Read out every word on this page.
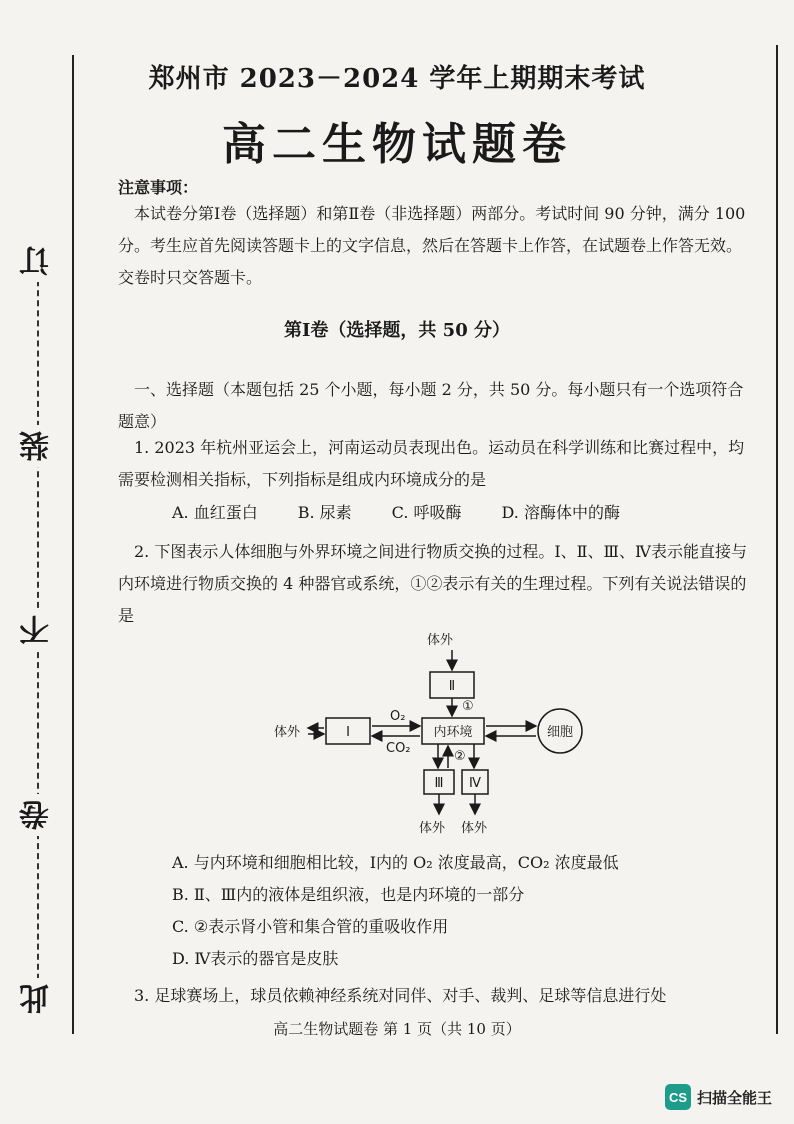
订
装
不
卷
此
郑州市 2023－2024 学年上期期末考试
高二生物试题卷
注意事项：
本试卷分第Ⅰ卷（选择题）和第Ⅱ卷（非选择题）两部分。考试时间 90 分钟，满分 100 分。考生应首先阅读答题卡上的文字信息，然后在答题卡上作答，在试题卷上作答无效。交卷时只交答题卡。
第Ⅰ卷（选择题，共 50 分）
一、选择题（本题包括 25 个小题，每小题 2 分，共 50 分。每小题只有一个选项符合题意）
1. 2023 年杭州亚运会上，河南运动员表现出色。运动员在科学训练和比赛过程中，均需要检测相关指标，下列指标是组成内环境成分的是
A. 血红蛋白	B. 尿素	C. 呼吸酶	D. 溶酶体中的酶
2. 下图表示人体细胞与外界环境之间进行物质交换的过程。Ⅰ、Ⅱ、Ⅲ、Ⅳ表示能直接与内环境进行物质交换的 4 种器官或系统，①②表示有关的生理过程。下列有关说法错误的是
体外
Ⅱ
①
体外	Ⅰ
O₂
CO₂
内环境	细胞
②
Ⅲ Ⅳ
体外 体外
A. 与内环境和细胞相比较，Ⅰ内的 O₂ 浓度最高，CO₂ 浓度最低
B. Ⅱ、Ⅲ内的液体是组织液，也是内环境的一部分
C. ②表示肾小管和集合管的重吸收作用
D. Ⅳ表示的器官是皮肤
3. 足球赛场上，球员依赖神经系统对同伴、对手、裁判、足球等信息进行处
高二生物试题卷 第 1 页（共 10 页）
CS 扫描全能王
